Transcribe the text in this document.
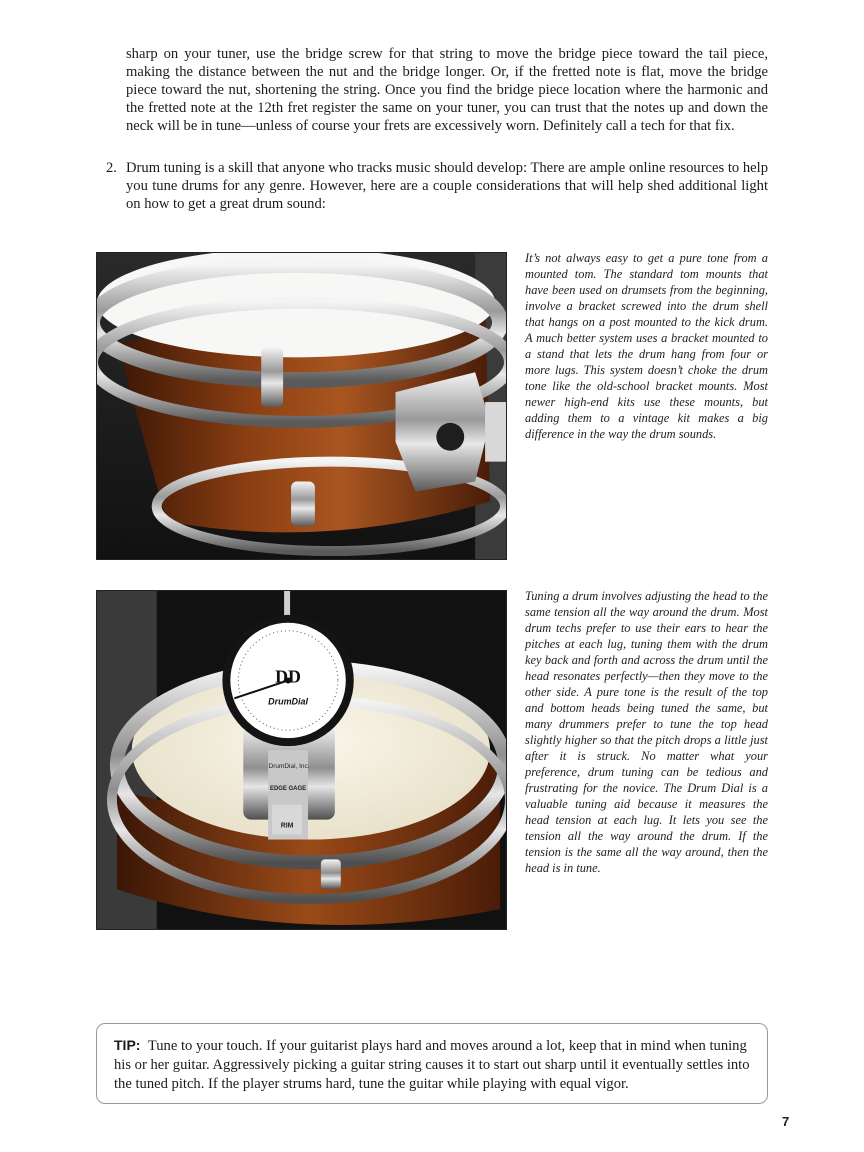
sharp on your tuner, use the bridge screw for that string to move the bridge piece toward the tail piece, making the distance between the nut and the bridge longer. Or, if the fretted note is flat, move the bridge piece toward the nut, shortening the string. Once you find the bridge piece location where the harmonic and the fretted note at the 12th fret register the same on your tuner, you can trust that the notes up and down the neck will be in tune—unless of course your frets are excessively worn. Definitely call a tech for that fix.

2. Drum tuning is a skill that anyone who tracks music should develop: There are ample online resources to help you tune drums for any genre. However, here are a couple considerations that will help shed additional light on how to get a great drum sound:

It’s not always easy to get a pure tone from a mounted tom. The standard tom mounts that have been used on drumsets from the beginning, involve a bracket screwed into the drum shell that hangs on a post mounted to the kick drum. A much better system uses a bracket mounted to a stand that lets the drum hang from four or more lugs. This system doesn’t choke the drum tone like the old-school bracket mounts. Most newer high-end kits use these mounts, but adding them to a vintage kit makes a big difference in the way the drum sounds.

DD
DrumDial
DrumDial, Inc.
EDGE GAGE
RIM

Tuning a drum involves adjusting the head to the same tension all the way around the drum. Most drum techs prefer to use their ears to hear the pitches at each lug, tuning them with the drum key back and forth and across the drum until the head resonates perfectly—then they move to the other side. A pure tone is the result of the top and bottom heads being tuned the same, but many drummers prefer to tune the top head slightly higher so that the pitch drops a little just after it is struck. No matter what your preference, drum tuning can be tedious and frustrating for the novice. The Drum Dial is a valuable tuning aid because it measures the head tension at each lug. It lets you see the tension all the way around the drum. If the tension is the same all the way around, then the head is in tune.

TIP: Tune to your touch. If your guitarist plays hard and moves around a lot, keep that in mind when tuning his or her guitar. Aggressively picking a guitar string causes it to start out sharp until it eventually settles into the tuned pitch. If the player strums hard, tune the guitar while playing with equal vigor.
7
